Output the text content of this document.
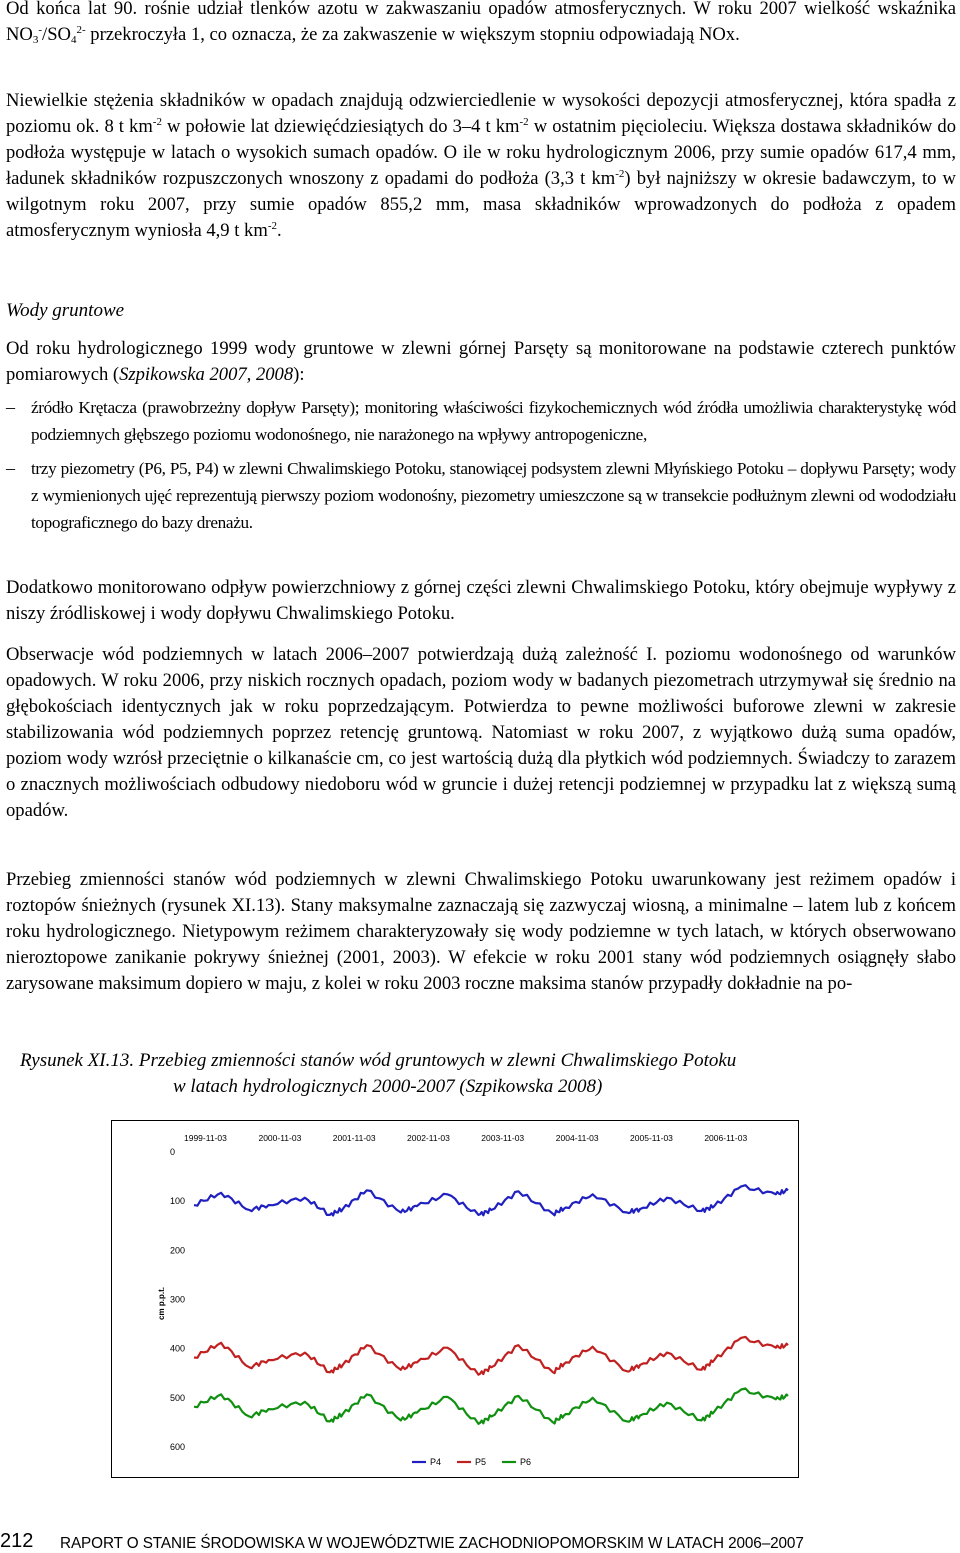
Od końca lat 90. rośnie udział tlenków azotu w zakwaszaniu opadów atmosferycznych. W roku 2007 wielkość wskaźnika $NO_3^-/SO_4^{2-}$ przekroczyła 1, co oznacza, że za zakwaszenie w większym stopniu odpowiadają NOx.

Niewielkie stężenia składników w opadach znajdują odzwierciedlenie w wysokości depozycji atmosferycznej, która spadła z poziomu ok. 8 t $km^{-2}$ w połowie lat dziewięćdziesiątych do 3–4 t $km^{-2}$ w ostatnim pięcioleciu. Większa dostawa składników do podłoża występuje w latach o wysokich sumach opadów. O ile w roku hydrologicznym 2006, przy sumie opadów 617,4 mm, ładunek składników rozpuszczonych wnoszony z opadami do podłoża (3,3 t $km^{-2}$) był najniższy w okresie badawczym, to w wilgotnym roku 2007, przy sumie opadów 855,2 mm, masa składników wprowadzonych do podłoża z opadem atmosferycznym wyniosła 4,9 t $km^{-2}$.

Wody gruntowe

Od roku hydrologicznego 1999 wody gruntowe w zlewni górnej Parsęty są monitorowane na podstawie czterech punktów pomiarowych (Szpikowska 2007, 2008):

– źródło Krętacza (prawobrzeżny dopływ Parsęty); monitoring właściwości fizykochemicznych wód źródła umożliwia charakterystykę wód podziemnych głębszego poziomu wodonośnego, nie narażonego na wpływy antropogeniczne,

– trzy piezometry (P6, P5, P4) w zlewni Chwalimskiego Potoku, stanowiącej podsystem zlewni Młyńskiego Potoku – dopływu Parsęty; wody z wymienionych ujęć reprezentują pierwszy poziom wodonośny, piezometry umieszczone są w transekcie podłużnym zlewni od wododziału topograficznego do bazy drenażu.

Dodatkowo monitorowano odpływ powierzchniowy z górnej części zlewni Chwalimskiego Potoku, który obejmuje wypływy z niszy źródliskowej i wody dopływu Chwalimskiego Potoku.

Obserwacje wód podziemnych w latach 2006–2007 potwierdzają dużą zależność I. poziomu wodonośnego od warunków opadowych. W roku 2006, przy niskich rocznych opadach, poziom wody w badanych piezometrach utrzymywał się średnio na głębokościach identycznych jak w roku poprzedzającym. Potwierdza to pewne możliwości buforowe zlewni w zakresie stabilizowania wód podziemnych poprzez retencję gruntową. Natomiast w roku 2007, z wyjątkowo dużą suma opadów, poziom wody wzrósł przeciętnie o kilkanaście cm, co jest wartością dużą dla płytkich wód podziemnych. Świadczy to zarazem o znacznych możliwościach odbudowy niedoboru wód w gruncie i dużej retencji podziemnej w przypadku lat z większą sumą opadów.

Przebieg zmienności stanów wód podziemnych w zlewni Chwalimskiego Potoku uwarunkowany jest reżimem opadów i roztopów śnieżnych (rysunek XI.13). Stany maksymalne zaznaczają się zazwyczaj wiosną, a minimalne – latem lub z końcem roku hydrologicznego. Nietypowym reżimem charakteryzowały się wody podziemne w tych latach, w których obserwowano nieroztopowe zanikanie pokrywy śnieżnej (2001, 2003). W efekcie w roku 2001 stany wód podziemnych osiągnęły słabo zarysowane maksimum dopiero w maju, z kolei w roku 2003 roczne maksima stanów przypadły dokładnie na po-

Rysunek XI.13. Przebieg zmienności stanów wód gruntowych w zlewni Chwalimskiego Potoku
w latach hydrologicznych 2000-2007 (Szpikowska 2008)
0
100
200
300
400
500
600
1999-11-03	2000-11-03	2001-11-03	2002-11-03	2003-11-03	2004-11-03	2005-11-03	2006-11-03
cm p.p.t.
P4	P5	P6
212 RAPORT O STANIE ŚRODOWISKA W WOJEWÓDZTWIE ZACHODNIOPOMORSKIM W LATACH 2006–2007
